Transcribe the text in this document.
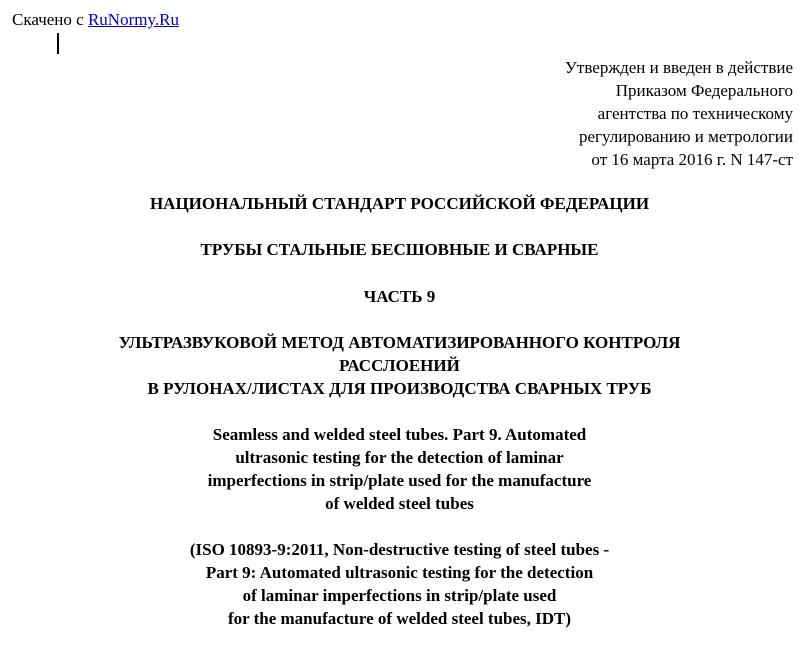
Скачено с RuNormy.Ru
Утвержден и введен в действие
Приказом Федерального
агентства по техническому
регулированию и метрологии
от 16 марта 2016 г. N 147-ст
НАЦИОНАЛЬНЫЙ СТАНДАРТ РОССИЙСКОЙ ФЕДЕРАЦИИ
ТРУБЫ СТАЛЬНЫЕ БЕСШОВНЫЕ И СВАРНЫЕ
ЧАСТЬ 9
УЛЬТРАЗВУКОВОЙ МЕТОД АВТОМАТИЗИРОВАННОГО КОНТРОЛЯ
РАССЛОЕНИЙ
В РУЛОНАХ/ЛИСТАХ ДЛЯ ПРОИЗВОДСТВА СВАРНЫХ ТРУБ
Seamless and welded steel tubes. Part 9. Automated
ultrasonic testing for the detection of laminar
imperfections in strip/plate used for the manufacture
of welded steel tubes
(ISO 10893-9:2011, Non-destructive testing of steel tubes -
Part 9: Automated ultrasonic testing for the detection
of laminar imperfections in strip/plate used
for the manufacture of welded steel tubes, IDT)
